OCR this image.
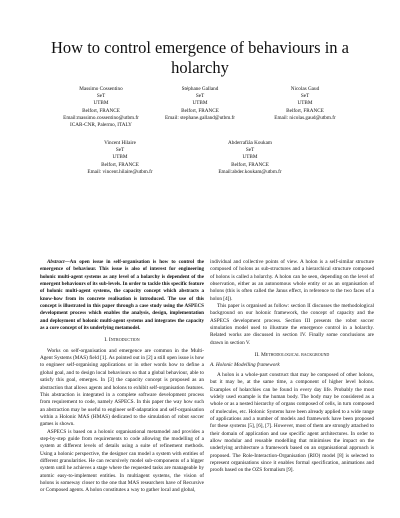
How to control emergence of behaviours in a holarchy
Massimo Cossentino
SeT
UTBM
Belfort, FRANCE
Email:massimo.cossentino@utbm.fr
ICAR-CNR, Palermo, ITALY
Stéphane Galland
SeT
UTBM
Belfort, FRANCE
Email: stephane.galland@utbm.fr
Nicolas Gaud
SeT
UTBM
Belfort, FRANCE
Email: nicolas.gaud@utbm.fr
Vincent Hilaire
SeT
UTBM
Belfort, FRANCE
Email: vincent.hilaire@utbm.fr
Abderrafiâa Koukam
SeT
UTBM
Belfort, FRANCE
Email:abder.koukam@utbm.fr

Abstract—An open issue in self-organisation is how to control the emergence of behaviour. This issue is also of interest for engineering holonic multi-agent systems as any level of a holarchy is dependent of the emergent behaviours of its sub-levels. In order to tackle this specific feature of holonic multi-agent systems, the capacity concept which abstracts a know-how from its concrete realisation is introduced. The use of this concept is illustrated in this paper through a case study using the ASPECS development process which enables the analysis, design, implementation and deployment of holonic multi-agent systems and integrates the capacity as a core concept of its underlying metamodel.

I. Introduction

Works on self-organisation and emergence are common in the Multi-Agent Systems (MAS) field [1]. As pointed out in [2] a still open issue is how to engineer self-organising applications or in other words how to define a global goal, and to design local behaviours so that a global behaviour, able to satisfy this goal, emerges. In [3] the capacity concept is proposed as an abstraction that allows agents and holons to exhibit self-organisation features. This abstraction is integrated in a complete software development process from requirement to code, namely ASPECS. In this paper the way how such an abstraction may be useful to engineer self-adaptation and self-organisation within a Holonic MAS (HMAS) dedicated to the simulation of robot soccer games is shown.

ASPECS is based on a holonic organisational metamodel and provides a step-by-step guide from requirements to code allowing the modelling of a system at different levels of details using a suite of refinement methods. Using a holonic perspective, the designer can model a system with entities of different granularities. He can recursively model sub-components of a bigger system until he achieves a stage where the requested tasks are manageable by atomic easy-to-implement entities. In multiagent systems, the vision of holons is someway closer to the one that MAS researchers have of Recursive or Composed agents. A holon constitutes a way to gather local and global,

individual and collective points of view. A holon is a self-similar structure composed of holons as sub-structures and a hierarchical structure composed of holons is called a holarchy. A holon can be seen, depending on the level of observation, either as an autonomous whole entity or as an organisation of holons (this is often called the Janus effect, in reference to the two faces of a holon [4]).

This paper is organised as follow: section II discusses the methodological background on our holonic framework, the concept of capacity and the ASPECS development process. Section III presents the robot soccer simulation model used to illustrate the emergence control in a holarchy. Related works are discussed in section IV. Finally some conclusions are drawn in section V.

II. Methodological background
A. Holonic Modelling framework

A holon is a whole-part construct that may be composed of other holons, but it may be, at the same time, a component of higher level holons. Examples of holarchies can be found in every day life. Probably the most widely used example is the human body. The body may be considered as a whole or as a nested hierarchy of organs composed of cells, in turn composed of molecules, etc. Holonic Systems have been already applied to a wide range of applications and a number of models and framework have been proposed for these systems [5], [6], [7]. However, most of them are strongly attached to their domain of application and use specific agent architectures. In order to allow modular and reusable modelling that minimises the impact on the underlying architecture a framework based on an organisational approach is proposed. The Role-Interaction-Organisation (RIO) model [8] is selected to represent organisations since it enables formal specification, animations and proofs based on the OZS formalism [9].
